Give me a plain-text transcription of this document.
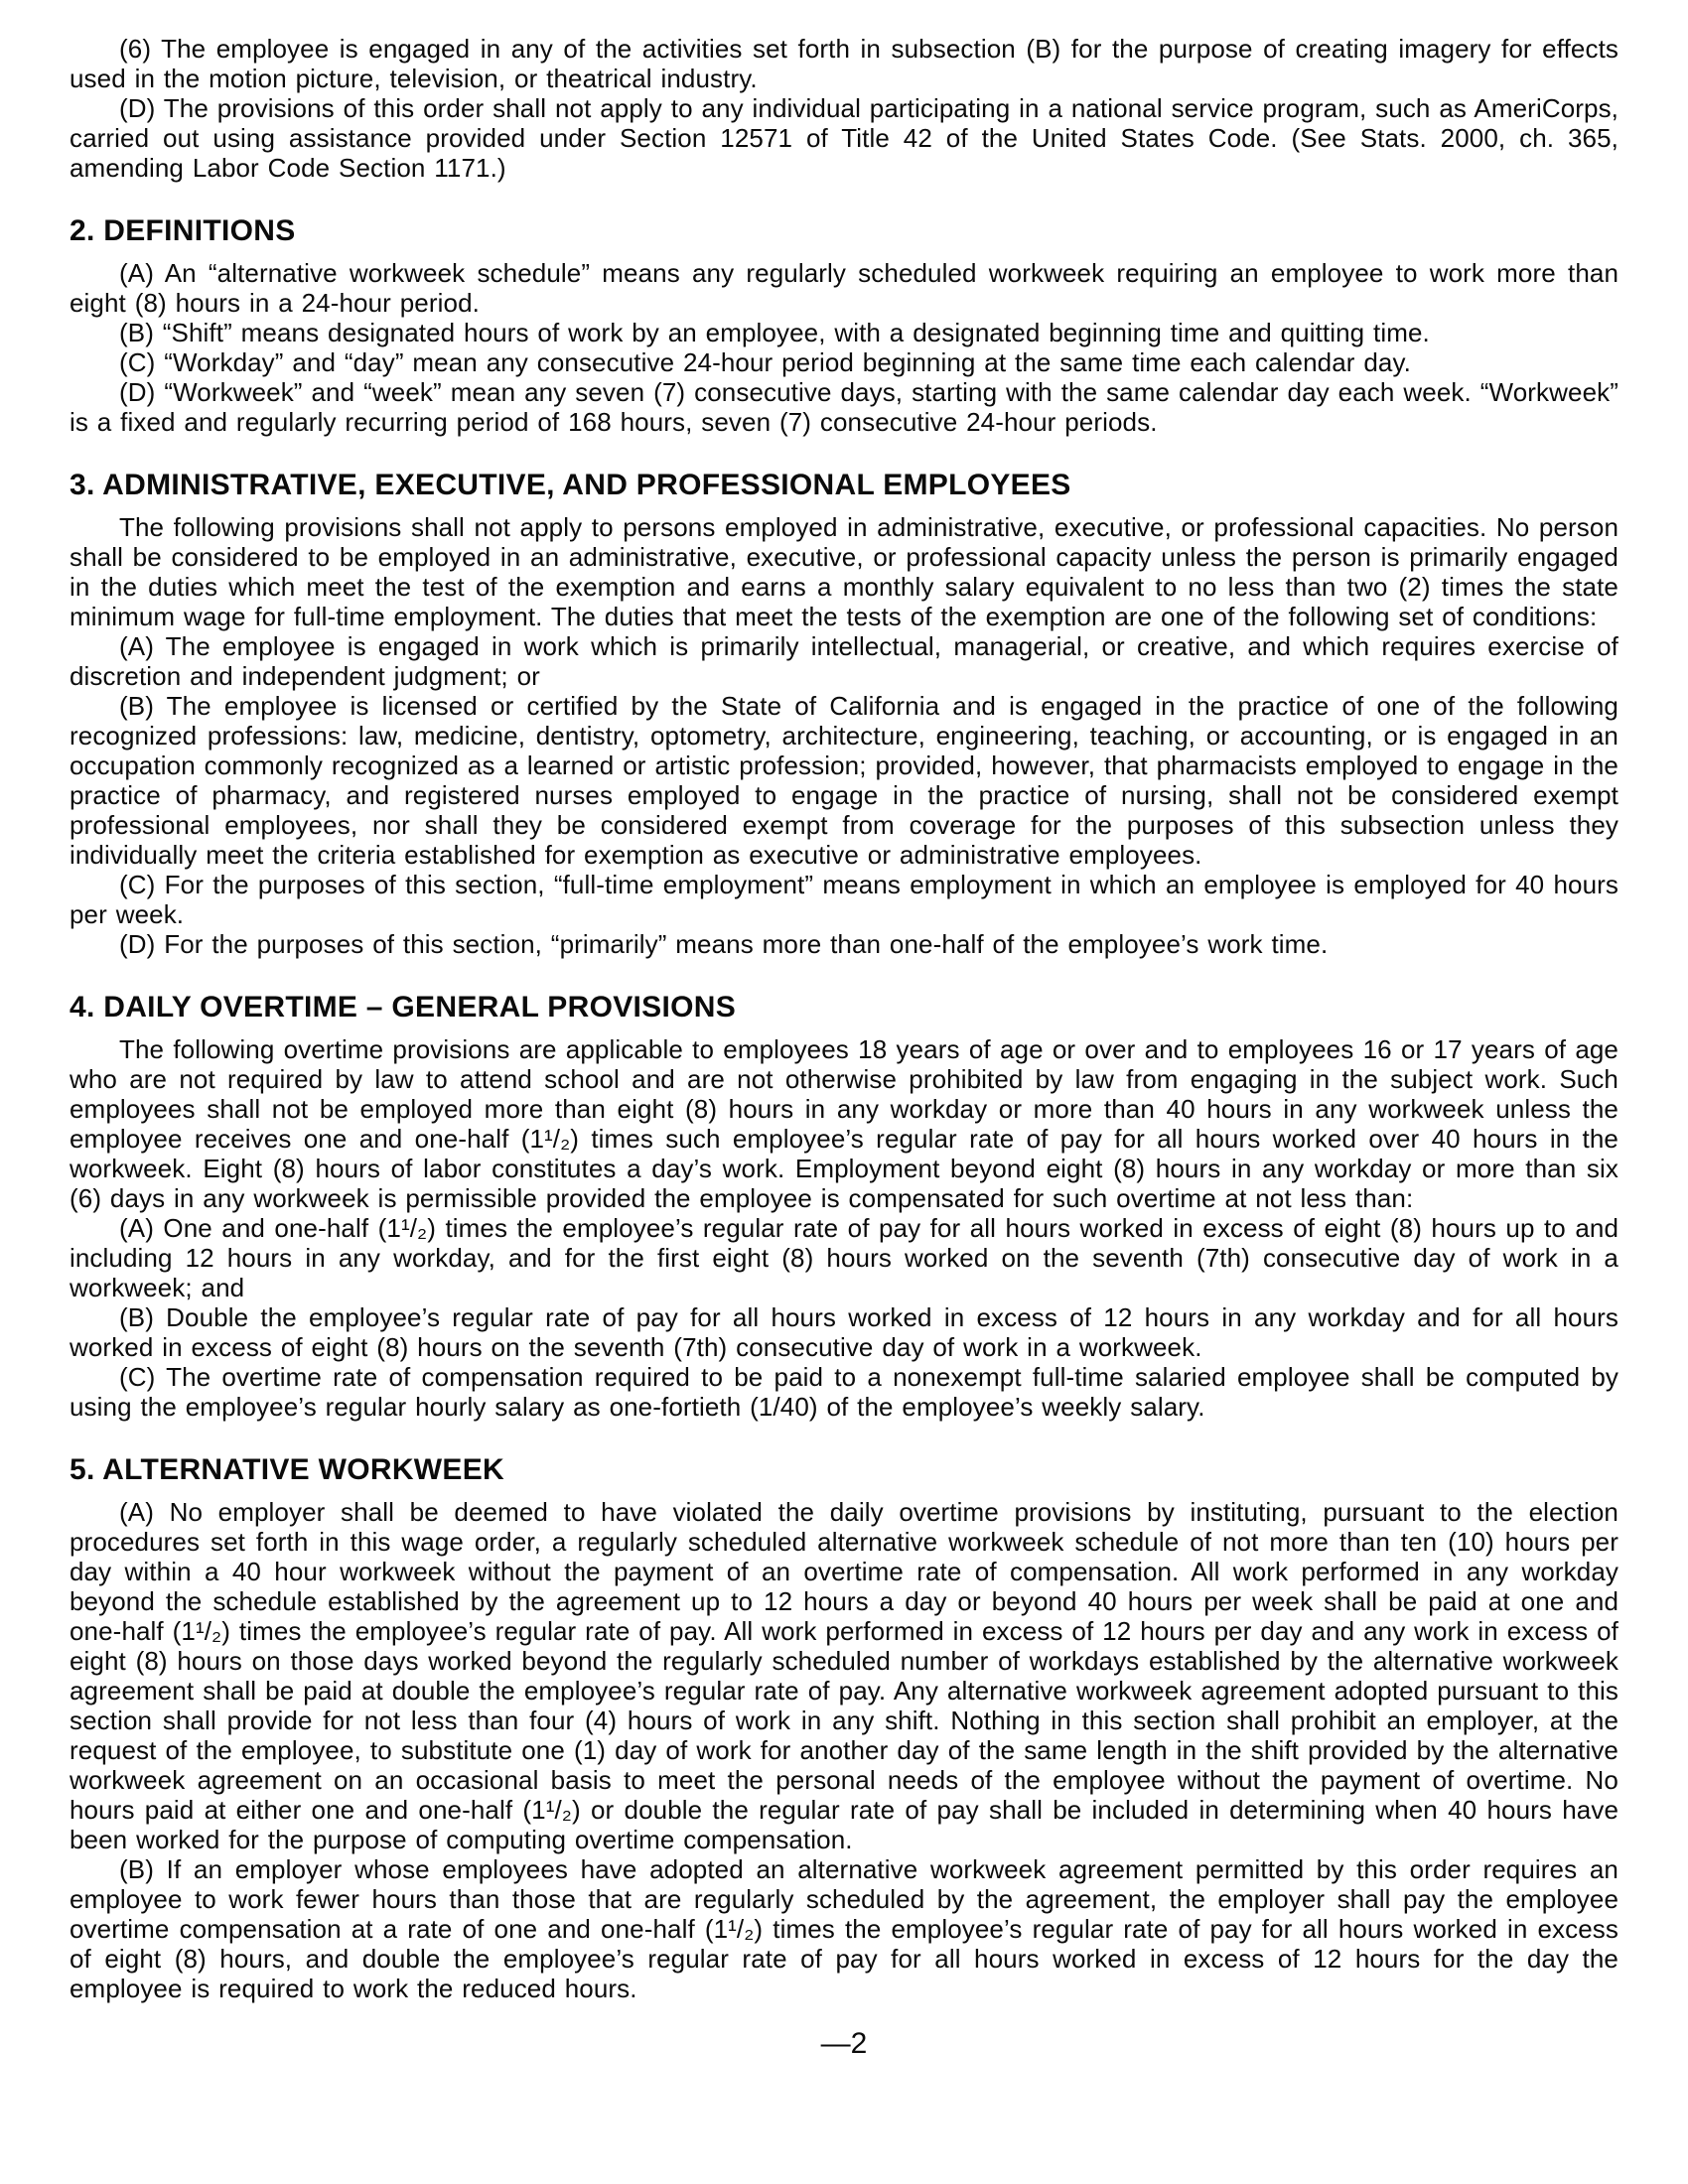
(6) The employee is engaged in any of the activities set forth in subsection (B) for the purpose of creating imagery for effects used in the motion picture, television, or theatrical industry.

(D) The provisions of this order shall not apply to any individual participating in a national service program, such as AmeriCorps, carried out using assistance provided under Section 12571 of Title 42 of the United States Code. (See Stats. 2000, ch. 365, amending Labor Code Section 1171.)

2. DEFINITIONS

(A) An “alternative workweek schedule” means any regularly scheduled workweek requiring an employee to work more than eight (8) hours in a 24-hour period.

(B) “Shift” means designated hours of work by an employee, with a designated beginning time and quitting time.

(C) “Workday” and “day” mean any consecutive 24-hour period beginning at the same time each calendar day.

(D) “Workweek” and “week” mean any seven (7) consecutive days, starting with the same calendar day each week. “Workweek” is a fixed and regularly recurring period of 168 hours, seven (7) consecutive 24-hour periods.

3. ADMINISTRATIVE, EXECUTIVE, AND PROFESSIONAL EMPLOYEES

The following provisions shall not apply to persons employed in administrative, executive, or professional capacities. No person shall be considered to be employed in an administrative, executive, or professional capacity unless the person is primarily engaged in the duties which meet the test of the exemption and earns a monthly salary equivalent to no less than two (2) times the state minimum wage for full-time employment. The duties that meet the tests of the exemption are one of the following set of conditions:

(A) The employee is engaged in work which is primarily intellectual, managerial, or creative, and which requires exercise of discretion and independent judgment; or

(B) The employee is licensed or certified by the State of California and is engaged in the practice of one of the following recognized professions: law, medicine, dentistry, optometry, architecture, engineering, teaching, or accounting, or is engaged in an occupation commonly recognized as a learned or artistic profession; provided, however, that pharmacists employed to engage in the practice of pharmacy, and registered nurses employed to engage in the practice of nursing, shall not be considered exempt professional employees, nor shall they be considered exempt from coverage for the purposes of this subsection unless they individually meet the criteria established for exemption as executive or administrative employees.

(C) For the purposes of this section, “full-time employment” means employment in which an employee is employed for 40 hours per week.

(D) For the purposes of this section, “primarily” means more than one-half of the employee’s work time.

4. DAILY OVERTIME – GENERAL PROVISIONS

The following overtime provisions are applicable to employees 18 years of age or over and to employees 16 or 17 years of age who are not required by law to attend school and are not otherwise prohibited by law from engaging in the subject work. Such employees shall not be employed more than eight (8) hours in any workday or more than 40 hours in any workweek unless the employee receives one and one-half (1¹/₂) times such employee’s regular rate of pay for all hours worked over 40 hours in the workweek. Eight (8) hours of labor constitutes a day’s work. Employment beyond eight (8) hours in any workday or more than six (6) days in any workweek is permissible provided the employee is compensated for such overtime at not less than:

(A) One and one-half (1¹/₂) times the employee’s regular rate of pay for all hours worked in excess of eight (8) hours up to and including 12 hours in any workday, and for the first eight (8) hours worked on the seventh (7th) consecutive day of work in a workweek; and

(B) Double the employee’s regular rate of pay for all hours worked in excess of 12 hours in any workday and for all hours worked in excess of eight (8) hours on the seventh (7th) consecutive day of work in a workweek.

(C) The overtime rate of compensation required to be paid to a nonexempt full-time salaried employee shall be computed by using the employee’s regular hourly salary as one-fortieth (1/40) of the employee’s weekly salary.

5. ALTERNATIVE WORKWEEK

(A) No employer shall be deemed to have violated the daily overtime provisions by instituting, pursuant to the election procedures set forth in this wage order, a regularly scheduled alternative workweek schedule of not more than ten (10) hours per day within a 40 hour workweek without the payment of an overtime rate of compensation. All work performed in any workday beyond the schedule established by the agreement up to 12 hours a day or beyond 40 hours per week shall be paid at one and one-half (1¹/₂) times the employee’s regular rate of pay. All work performed in excess of 12 hours per day and any work in excess of eight (8) hours on those days worked beyond the regularly scheduled number of workdays established by the alternative workweek agreement shall be paid at double the employee’s regular rate of pay. Any alternative workweek agreement adopted pursuant to this section shall provide for not less than four (4) hours of work in any shift. Nothing in this section shall prohibit an employer, at the request of the employee, to substitute one (1) day of work for another day of the same length in the shift provided by the alternative workweek agreement on an occasional basis to meet the personal needs of the employee without the payment of overtime. No hours paid at either one and one-half (1¹/₂) or double the regular rate of pay shall be included in determining when 40 hours have been worked for the purpose of computing overtime compensation.

(B) If an employer whose employees have adopted an alternative workweek agreement permitted by this order requires an employee to work fewer hours than those that are regularly scheduled by the agreement, the employer shall pay the employee overtime compensation at a rate of one and one-half (1¹/₂) times the employee’s regular rate of pay for all hours worked in excess of eight (8) hours, and double the employee’s regular rate of pay for all hours worked in excess of 12 hours for the day the employee is required to work the reduced hours.

—2
